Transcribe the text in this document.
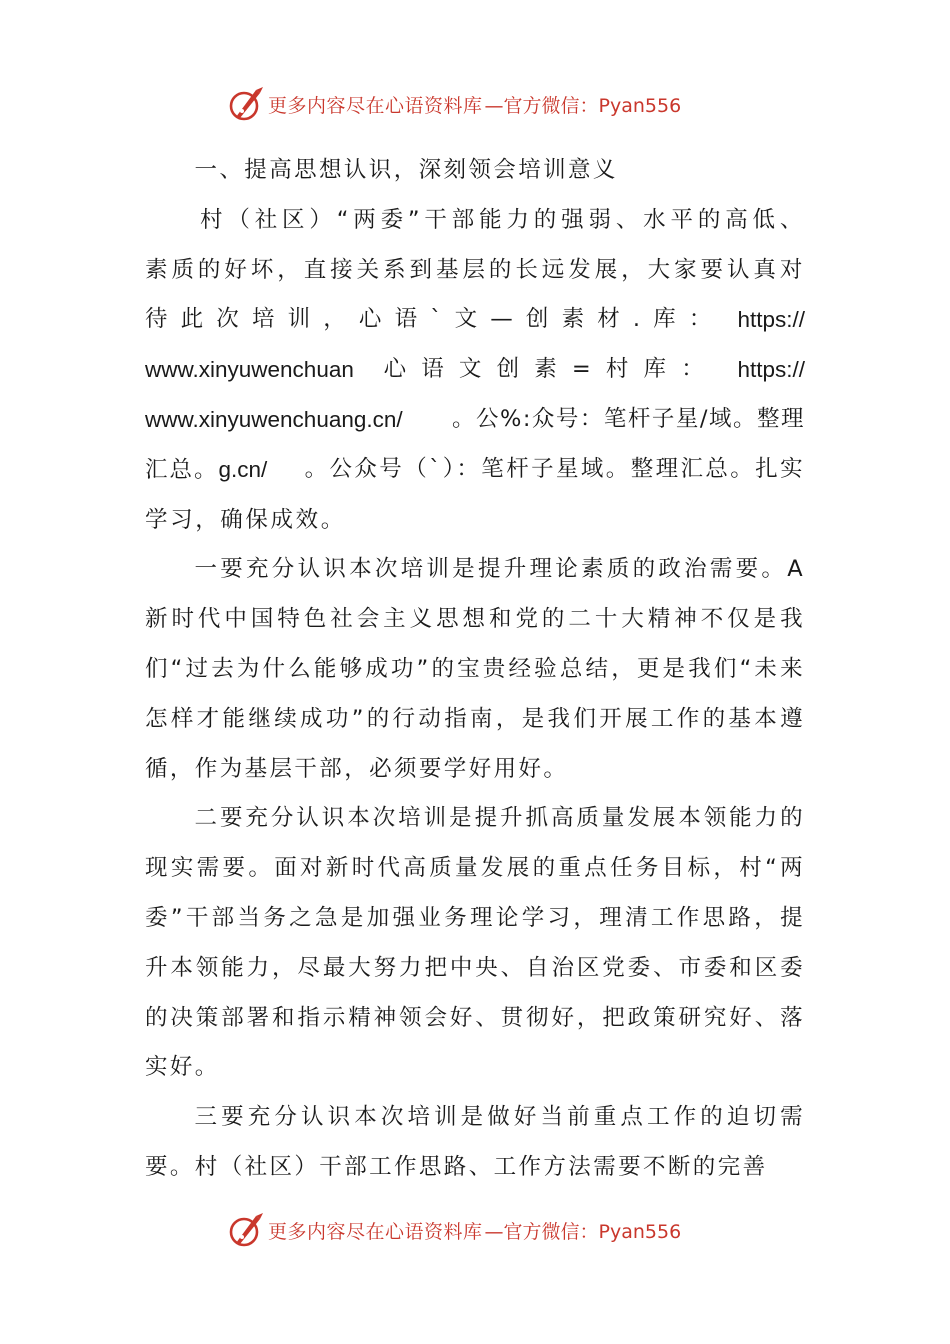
更多内容尽在心语资料库 —官方微信：Pyan556

一、提高思想认识，深刻领会培训意义

村（社区）“两委”干部能力的强弱、水平的高低、
素质的好坏，直接关系到基层的长远发展，大家要认真对
待 此 次 培 训 ， 心 语 ` 文 — 创 素 材 . 库 ： https://
www.xinyuwenchuan 心 语 文 创 素 = 村 库 ： https://
www.xinyuwenchuang.cn/ 。公%:众号：笔杆子星/域。整理
汇总。g.cn/ 。公众号（`）：笔杆子星域。整理汇总。扎实
学习，确保成效。

一要充分认识本次培训是提升理论素质的政治需要。A新时代中国特色社会主义思想和党的二十大精神不仅是我们“过去为什么能够成功”的宝贵经验总结，更是我们“未来怎样才能继续成功”的行动指南，是我们开展工作的基本遵循，作为基层干部，必须要学好用好。

二要充分认识本次培训是提升抓高质量发展本领能力的现实需要。面对新时代高质量发展的重点任务目标，村“两委”干部当务之急是加强业务理论学习，理清工作思路，提升本领能力，尽最大努力把中央、自治区党委、市委和区委的决策部署和指示精神领会好、贯彻好，把政策研究好、落实好。

三要充分认识本次培训是做好当前重点工作的迫切需要。村（社区）干部工作思路、工作方法需要不断的完善

更多内容尽在心语资料库 —官方微信：Pyan556
